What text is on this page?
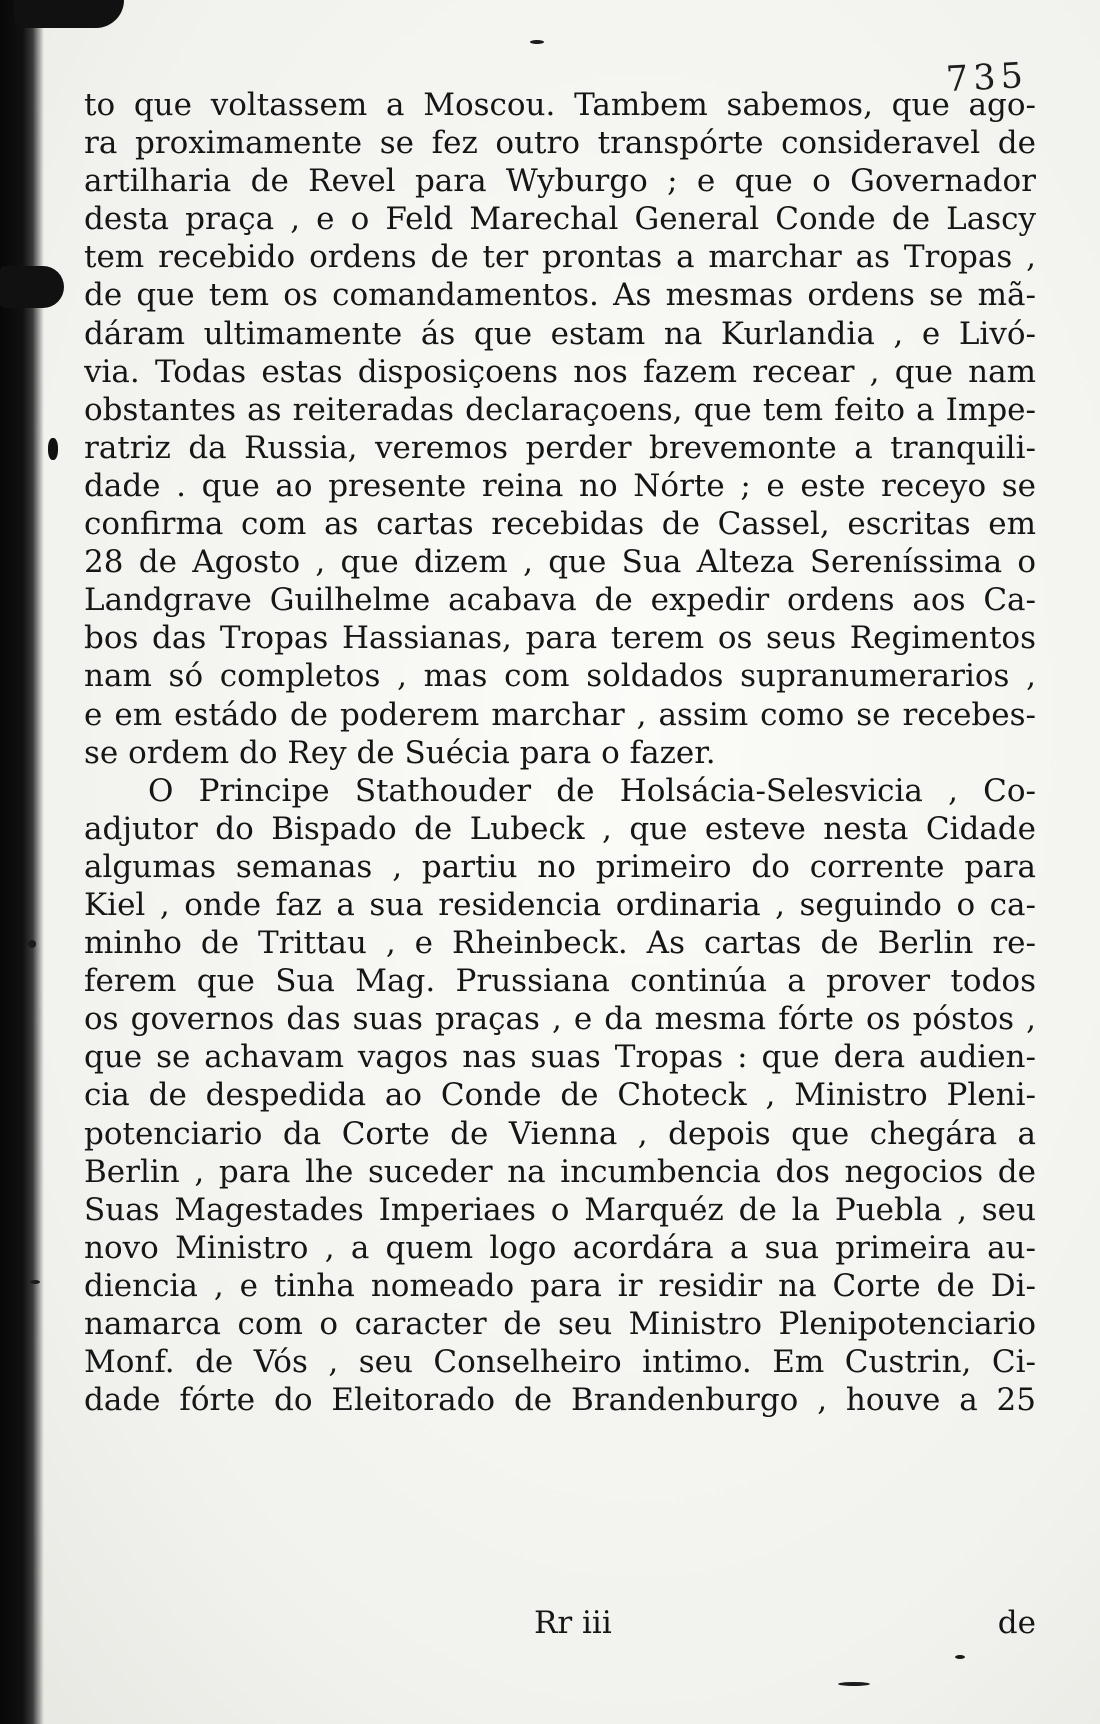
735
to que voltassem a Moscou. Tambem sabemos, que ago-
ra proximamente se fez outro transpórte consideravel de
artilharia de Revel para Wyburgo ; e que o Governador
desta praça , e o Feld Marechal General Conde de Lascy
tem recebido ordens de ter prontas a marchar as Tropas ,
de que tem os comandamentos. As mesmas ordens se mã-
dáram ultimamente ás que estam na Kurlandia , e Livó-
via. Todas estas disposiçoens nos fazem recear , que nam
obstantes as reiteradas declaraçoens, que tem feito a Impe-
ratriz da Russia, veremos perder brevemonte a tranquili-
dade . que ao presente reina no Nórte ; e este receyo se
confirma com as cartas recebidas de Cassel, escritas em
28 de Agosto , que dizem , que Sua Alteza Sereníssima o
Landgrave Guilhelme acabava de expedir ordens aos Ca-
bos das Tropas Hassianas, para terem os seus Regimentos
nam só completos , mas com soldados supranumerarios ,
e em estádo de poderem marchar , assim como se recebes-
se ordem do Rey de Suécia para o fazer.
O Principe Stathouder de Holsácia-Selesvicia , Co-
adjutor do Bispado de Lubeck , que esteve nesta Cidade
algumas semanas , partiu no primeiro do corrente para
Kiel , onde faz a sua residencia ordinaria , seguindo o ca-
minho de Trittau , e Rheinbeck. As cartas de Berlin re-
ferem que Sua Mag. Prussiana continúa a prover todos
os governos das suas praças , e da mesma fórte os póstos ,
que se achavam vagos nas suas Tropas : que dera audien-
cia de despedida ao Conde de Choteck , Ministro Pleni-
potenciario da Corte de Vienna , depois que chegára a
Berlin , para lhe suceder na incumbencia dos negocios de
Suas Magestades Imperiaes o Marquéz de la Puebla , seu
novo Ministro , a quem logo acordára a sua primeira au-
diencia , e tinha nomeado para ir residir na Corte de Di-
namarca com o caracter de seu Ministro Plenipotenciario
Monf. de Vós , seu Conselheiro intimo. Em Custrin, Ci-
dade fórte do Eleitorado de Brandenburgo , houve a 25
Rr iii	de
